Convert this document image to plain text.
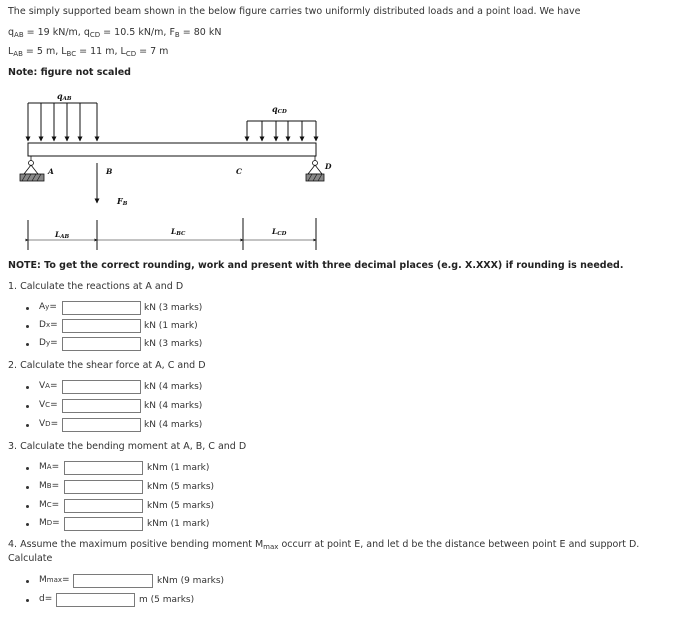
The simply supported beam shown in the below figure carries two uniformly distributed loads and a point load. We have
$q_{AB} = 19$ kN/m, $q_{CD} = 10.5$ kN/m, $F_B = 80$ kN
$L_{AB} = 5$ m, $L_{BC} = 11$ m, $L_{CD} = 7$ m
Note: figure not scaled
qAB
qCD
A	B	C
D
FB
LAB
LBC	LCD
NOTE: To get the correct rounding, work and present with three decimal places (e.g. X.XXX) if rounding is needed.
1. Calculate the reactions at A and D
A y =	kN (3 marks)
D x =	kN (1 mark)
D y =	kN (3 marks)
2. Calculate the shear force at A, C and D
V A =	kN (4 marks)
V C =	kN (4 marks)
V D =	kN (4 marks)
3. Calculate the bending moment at A, B, C and D
M A =	kNm (1 mark)
M B =	kNm (5 marks)
M C =	kNm (5 marks)
M D =	kNm (1 mark)
4. Assume the maximum positive bending moment $M_{max}$ occurr at point E, and let d be the distance between point E and support D.
Calculate
M max =	kNm (9 marks)
d =	m (5 marks)
